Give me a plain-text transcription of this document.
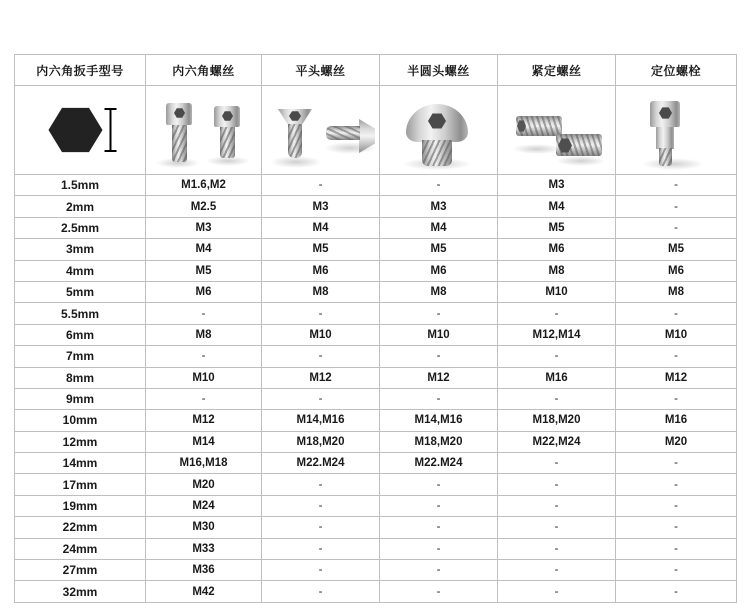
内六角扳手型号	内六角螺丝	平头螺丝	半圆头螺丝	紧定螺丝	定位螺栓

1.5mm	M1.6,M2	-	-	M3	-
2mm	M2.5	M3	M3	M4	-
2.5mm	M3	M4	M4	M5	-
3mm	M4	M5	M5	M6	M5
4mm	M5	M6	M6	M8	M6
5mm	M6	M8	M8	M10	M8
5.5mm	-	-	-	-	-
6mm	M8	M10	M10	M12,M14	M10
7mm	-	-	-	-	-
8mm	M10	M12	M12	M16	M12
9mm	-	-	-	-	-
10mm	M12	M14,M16	M14,M16	M18,M20	M16
12mm	M14	M18,M20	M18,M20	M22,M24	M20
14mm	M16,M18	M22.M24	M22.M24	-	-
17mm	M20	-	-	-	-
19mm	M24	-	-	-	-
22mm	M30	-	-	-	-
24mm	M33	-	-	-	-
27mm	M36	-	-	-	-
32mm	M42	-	-	-	-
